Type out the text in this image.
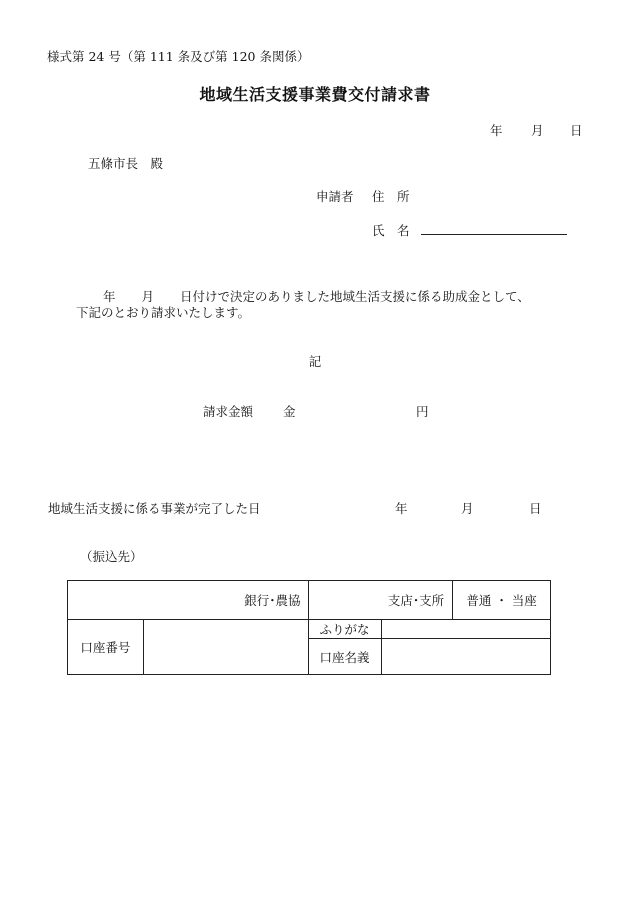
様式第 24 号（第 111 条及び第 120 条関係）
地域生活支援事業費交付請求書
年 月 日
五條市長　殿
申請者 住　所
氏　名
年 月 日付けで決定のありました地域生活支援に係る助成金として、
下記のとおり請求いたします。
記
請求金額 金	円
地域生活支援に係る事業が完了した日	年	月	日
（振込先）
銀行･農協		支店･支所		普通 ・ 当座
口座番号		ふりがな		
		口座名義		
